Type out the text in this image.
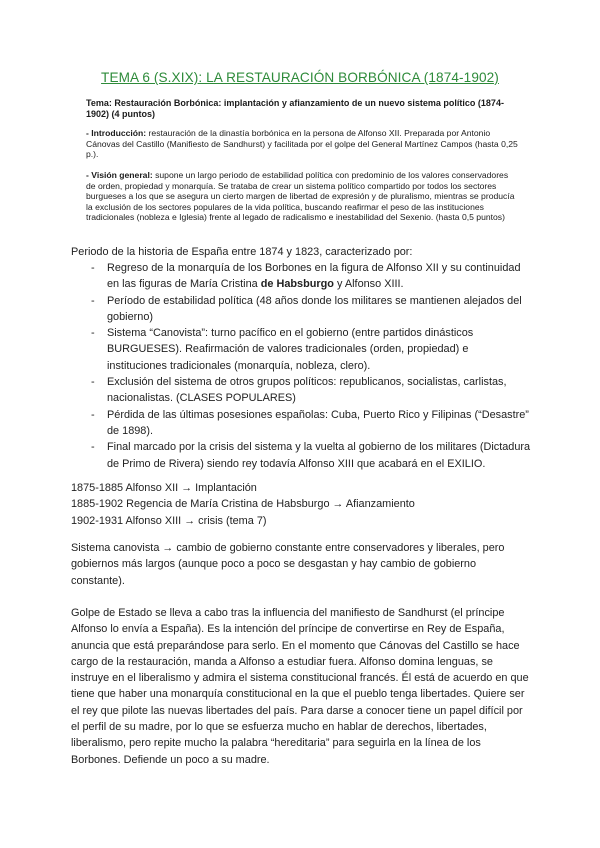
TEMA 6 (S.XIX): LA RESTAURACIÓN BORBÓNICA (1874-1902)
Tema: Restauración Borbónica: implantación y afianzamiento de un nuevo sistema político (1874-1902) (4 puntos)
- Introducción: restauración de la dinastía borbónica en la persona de Alfonso XII. Preparada por Antonio Cánovas del Castillo (Manifiesto de Sandhurst) y facilitada por el golpe del General Martínez Campos (hasta 0,25 p.).
- Visión general: supone un largo periodo de estabilidad política con predominio de los valores conservadores de orden, propiedad y monarquía. Se trataba de crear un sistema político compartido por todos los sectores burgueses a los que se asegura un cierto margen de libertad de expresión y de pluralismo, mientras se producía la exclusión de los sectores populares de la vida política, buscando reafirmar el peso de las instituciones tradicionales (nobleza e Iglesia) frente al legado de radicalismo e inestabilidad del Sexenio. (hasta 0,5 puntos)
Periodo de la historia de España entre 1874 y 1823, caracterizado por:
- Regreso de la monarquía de los Borbones en la figura de Alfonso XII y su continuidad en las figuras de María Cristina de Habsburgo y Alfonso XIII.
- Período de estabilidad política (48 años donde los militares se mantienen alejados del gobierno)
- Sistema “Canovista”: turno pacífico en el gobierno (entre partidos dinásticos BURGUESES). Reafirmación de valores tradicionales (orden, propiedad) e instituciones tradicionales (monarquía, nobleza, clero).
- Exclusión del sistema de otros grupos políticos: republicanos, socialistas, carlistas, nacionalistas. (CLASES POPULARES)
- Pérdida de las últimas posesiones españolas: Cuba, Puerto Rico y Filipinas (“Desastre” de 1898).
- Final marcado por la crisis del sistema y la vuelta al gobierno de los militares (Dictadura de Primo de Rivera) siendo rey todavía Alfonso XIII que acabará en el EXILIO.
1875-1885 Alfonso XII → Implantación
1885-1902 Regencia de María Cristina de Habsburgo → Afianzamiento
1902-1931 Alfonso XIII → crisis (tema 7)
Sistema canovista → cambio de gobierno constante entre conservadores y liberales, pero gobiernos más largos (aunque poco a poco se desgastan y hay cambio de gobierno constante).
Golpe de Estado se lleva a cabo tras la influencia del manifiesto de Sandhurst (el príncipe Alfonso lo envía a España). Es la intención del príncipe de convertirse en Rey de España, anuncia que está preparándose para serlo. En el momento que Cánovas del Castillo se hace cargo de la restauración, manda a Alfonso a estudiar fuera. Alfonso domina lenguas, se instruye en el liberalismo y admira el sistema constitucional francés. Él está de acuerdo en que tiene que haber una monarquía constitucional en la que el pueblo tenga libertades. Quiere ser el rey que pilote las nuevas libertades del país. Para darse a conocer tiene un papel difícil por el perfil de su madre, por lo que se esfuerza mucho en hablar de derechos, libertades, liberalismo, pero repite mucho la palabra “hereditaria” para seguirla en la línea de los Borbones. Defiende un poco a su madre.
